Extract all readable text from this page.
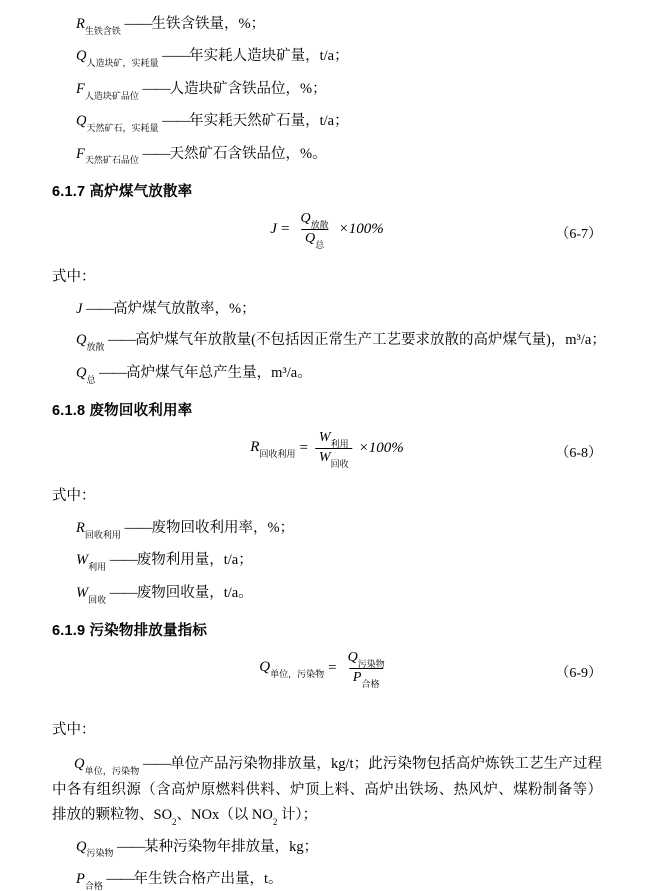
$R_{生铁含铁}$ ——生铁含铁量，%；
$Q_{人造块矿,实耗量}$ ——年实耗人造块矿量，t/a；
$F_{人造块矿品位}$ ——人造块矿含铁品位，%；
$Q_{天然矿石,实耗量}$ ——年实耗天然矿石量，t/a；
$F_{天然矿石品位}$ ——天然矿石含铁品位，%。
6.1.7 高炉煤气放散率
$J = \frac{Q_{放散}}{Q_总} \times 100\%$	（6-7）
式中：
J ——高炉煤气放散率，%；
$Q_{放散}$ ——高炉煤气年放散量(不包括因正常生产工艺要求放散的高炉煤气量)，m³/a；
$Q_总$ ——高炉煤气年总产生量，m³/a。
6.1.8 废物回收利用率
$R_{回收利用} = \frac{W_{利用}}{W_{回收}} \times 100\%$	（6-8）
式中：
$R_{回收利用}$ ——废物回收利用率，%；
$W_{利用}$ ——废物利用量，t/a；
$W_{回收}$ ——废物回收量，t/a。
6.1.9 污染物排放量指标
$Q_{单位,污染物} = \frac{Q_{污染物}}{P_{合格}}$	（6-9）
式中：
$Q_{单位,污染物}$ ——单位产品污染物排放量，kg/t；此污染物包括高炉炼铁工艺生产过程中各有组织源（含高炉原燃料供料、炉顶上料、高炉出铁场、热风炉、煤粉制备等）排放的颗粒物、$SO_2$、NOx（以 $NO_2$ 计）；
$Q_{污染物}$ ——某种污染物年排放量，kg；
$P_{合格}$ ——年生铁合格产出量，t。
